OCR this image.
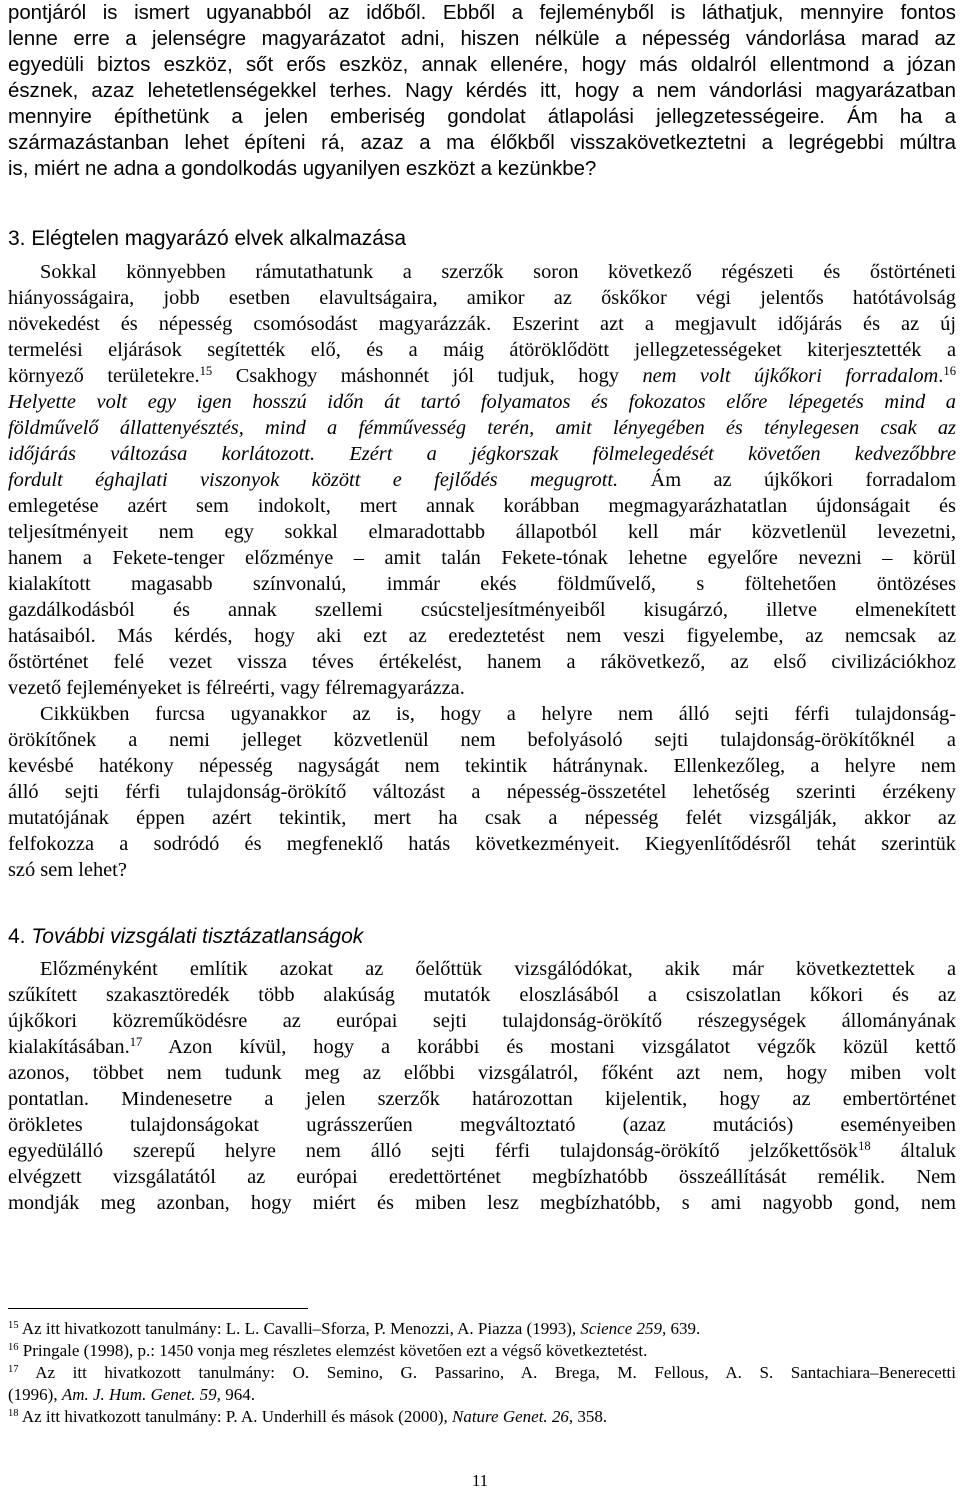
pontjáról is ismert ugyanabból az időből. Ebből a fejleményből is láthatjuk, mennyire fontos
lenne erre a jelenségre magyarázatot adni, hiszen nélküle a népesség vándorlása marad az
egyedüli biztos eszköz, sőt erős eszköz, annak ellenére, hogy más oldalról ellentmond a józan
észnek, azaz lehetetlenségekkel terhes. Nagy kérdés itt, hogy a nem vándorlási magyarázatban
mennyire építhetünk a jelen emberiség gondolat átlapolási jellegzetességeire. Ám ha a
származástanban lehet építeni rá, azaz a ma élőkből visszakövetkeztetni a legrégebbi múltra
is, miért ne adna a gondolkodás ugyanilyen eszközt a kezünkbe?
3. Elégtelen magyarázó elvek alkalmazása
Sokkal könnyebben rámutathatunk a szerzők soron következő régészeti és őstörténeti
hiányosságaira, jobb esetben elavultságaira, amikor az őskőkor végi jelentős hatótávolság
növekedést és népesség csomósodást magyarázzák. Eszerint azt a megjavult időjárás és az új
termelési eljárások segítették elő, és a máig átöröklődött jellegzetességeket kiterjesztették a
környező területekre.$^{15}$ Csakhogy máshonnét jól tudjuk, hogy nem volt újkőkori forradalom.$^{16}$
Helyette volt egy igen hosszú időn át tartó folyamatos és fokozatos előre lépegetés mind a
földművelő állattenyésztés, mind a fémművesség terén, amit lényegében és ténylegesen csak az
időjárás változása korlátozott. Ezért a jégkorszak fölmelegedését követően kedvezőbbre
fordult éghajlati viszonyok között e fejlődés megugrott. Ám az újkőkori forradalom
emlegetése azért sem indokolt, mert annak korábban megmagyarázhatatlan újdonságait és
teljesítményeit nem egy sokkal elmaradottabb állapotból kell már közvetlenül levezetni,
hanem a Fekete-tenger előzménye – amit talán Fekete-tónak lehetne egyelőre nevezni – körül
kialakított magasabb színvonalú, immár ekés földművelő, s föltehetően öntözéses
gazdálkodásból és annak szellemi csúcsteljesítményeiből kisugárzó, illetve elmenekített
hatásaiból. Más kérdés, hogy aki ezt az eredeztetést nem veszi figyelembe, az nemcsak az
őstörténet felé vezet vissza téves értékelést, hanem a rákövetkező, az első civilizációkhoz
vezető fejleményeket is félreérti, vagy félremagyarázza.
Cikkükben furcsa ugyanakkor az is, hogy a helyre nem álló sejti férfi tulajdonság-
örökítőnek a nemi jelleget közvetlenül nem befolyásoló sejti tulajdonság-örökítőknél a
kevésbé hatékony népesség nagyságát nem tekintik hátránynak. Ellenkezőleg, a helyre nem
álló sejti férfi tulajdonság-örökítő változást a népesség-összetétel lehetőség szerinti érzékeny
mutatójának éppen azért tekintik, mert ha csak a népesség felét vizsgálják, akkor az
felfokozza a sodródó és megfeneklő hatás következményeit. Kiegyenlítődésről tehát szerintük
szó sem lehet?
4. További vizsgálati tisztázatlanságok
Előzményként említik azokat az őelőttük vizsgálódókat, akik már következtettek a
szűkített szakasztöredék több alakúság mutatók eloszlásából a csiszolatlan kőkori és az
újkőkori közreműködésre az európai sejti tulajdonság-örökítő részegységek állományának
kialakításában.$^{17}$ Azon kívül, hogy a korábbi és mostani vizsgálatot végzők közül kettő
azonos, többet nem tudunk meg az előbbi vizsgálatról, főként azt nem, hogy miben volt
pontatlan. Mindenesetre a jelen szerzők határozottan kijelentik, hogy az embertörténet
örökletes tulajdonságokat ugrásszerűen megváltoztató (azaz mutációs) eseményeiben
egyedülálló szerepű helyre nem álló sejti férfi tulajdonság-örökítő jelzőkettősök$^{18}$ általuk
elvégzett vizsgálatától az európai eredettörténet megbízhatóbb összeállítását remélik. Nem
mondják meg azonban, hogy miért és miben lesz megbízhatóbb, s ami nagyobb gond, nem
$^{15}$ Az itt hivatkozott tanulmány: L. L. Cavalli–Sforza, P. Menozzi, A. Piazza (1993), Science 259, 639.
$^{16}$ Pringale (1998), p.: 1450 vonja meg részletes elemzést követően ezt a végső következtetést.
$^{17}$ Az itt hivatkozott tanulmány: O. Semino, G. Passarino, A. Brega, M. Fellous, A. S. Santachiara–Benerecetti
(1996), Am. J. Hum. Genet. 59, 964.
$^{18}$ Az itt hivatkozott tanulmány: P. A. Underhill és mások (2000), Nature Genet. 26, 358.
11
